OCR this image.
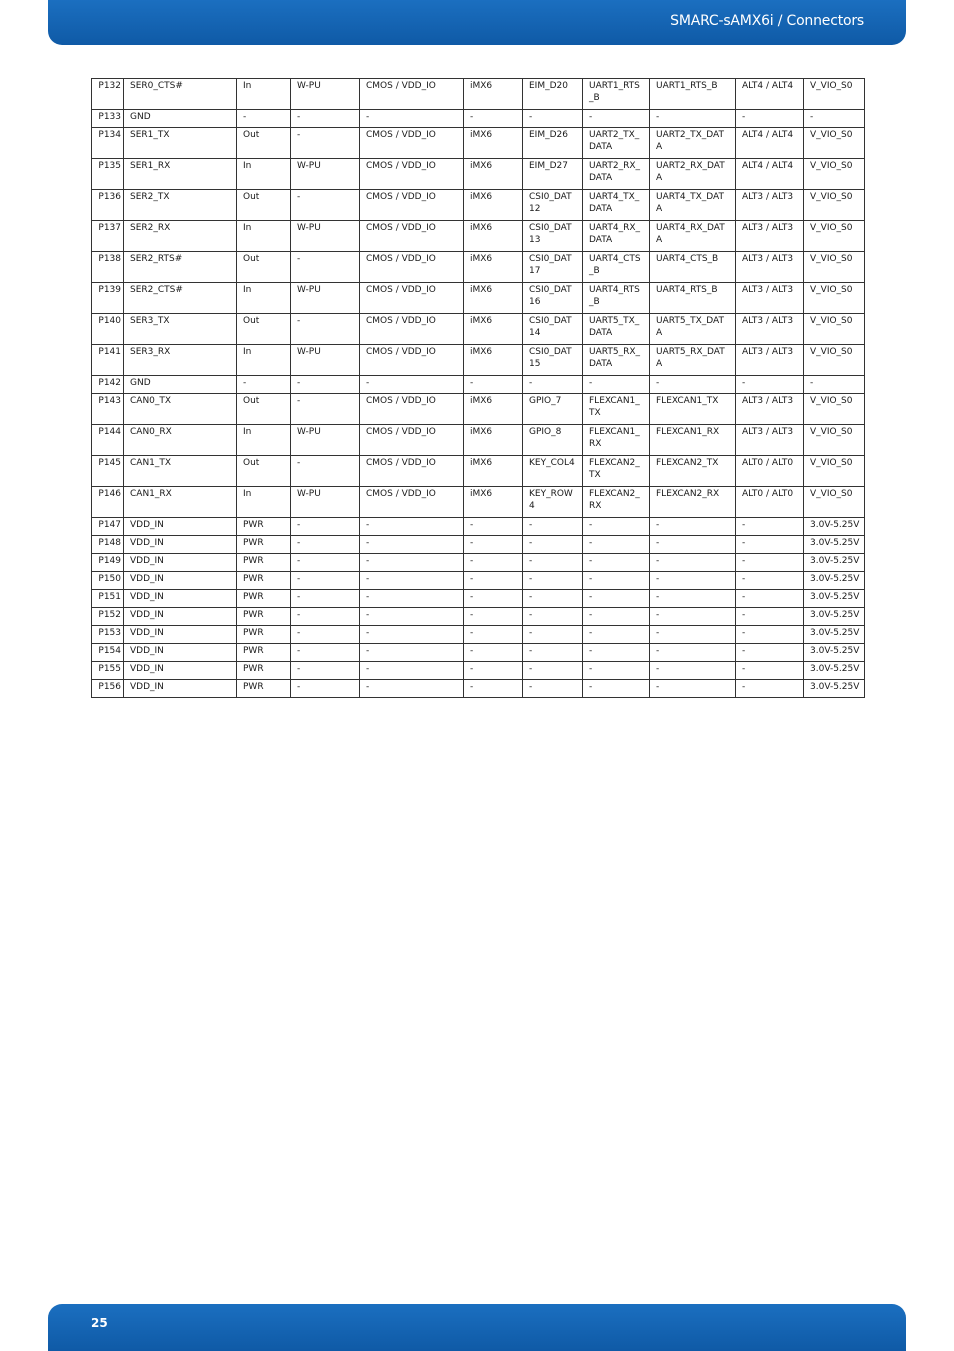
SMARC-sAMX6i / Connectors
P132	SER0_CTS#	In	W-PU	CMOS / VDD_IO	iMX6	EIM_D20	UART1_RTS_B	UART1_RTS_B	ALT4 / ALT4	V_VIO_S0
P133	GND	-	-	-	-	-	-	-	-	-
P134	SER1_TX	Out	-	CMOS / VDD_IO	iMX6	EIM_D26	UART2_TX_DATA	UART2_TX_DATA	ALT4 / ALT4	V_VIO_S0
P135	SER1_RX	In	W-PU	CMOS / VDD_IO	iMX6	EIM_D27	UART2_RX_DATA	UART2_RX_DATA	ALT4 / ALT4	V_VIO_S0
P136	SER2_TX	Out	-	CMOS / VDD_IO	iMX6	CSI0_DAT12	UART4_TX_DATA	UART4_TX_DATA	ALT3 / ALT3	V_VIO_S0
P137	SER2_RX	In	W-PU	CMOS / VDD_IO	iMX6	CSI0_DAT13	UART4_RX_DATA	UART4_RX_DATA	ALT3 / ALT3	V_VIO_S0
P138	SER2_RTS#	Out	-	CMOS / VDD_IO	iMX6	CSI0_DAT17	UART4_CTS_B	UART4_CTS_B	ALT3 / ALT3	V_VIO_S0
P139	SER2_CTS#	In	W-PU	CMOS / VDD_IO	iMX6	CSI0_DAT16	UART4_RTS_B	UART4_RTS_B	ALT3 / ALT3	V_VIO_S0
P140	SER3_TX	Out	-	CMOS / VDD_IO	iMX6	CSI0_DAT14	UART5_TX_DATA	UART5_TX_DATA	ALT3 / ALT3	V_VIO_S0
P141	SER3_RX	In	W-PU	CMOS / VDD_IO	iMX6	CSI0_DAT15	UART5_RX_DATA	UART5_RX_DATA	ALT3 / ALT3	V_VIO_S0
P142	GND	-	-	-	-	-	-	-	-	-
P143	CAN0_TX	Out	-	CMOS / VDD_IO	iMX6	GPIO_7	FLEXCAN1_TX	FLEXCAN1_TX	ALT3 / ALT3	V_VIO_S0
P144	CAN0_RX	In	W-PU	CMOS / VDD_IO	iMX6	GPIO_8	FLEXCAN1_RX	FLEXCAN1_RX	ALT3 / ALT3	V_VIO_S0
P145	CAN1_TX	Out	-	CMOS / VDD_IO	iMX6	KEY_COL4	FLEXCAN2_TX	FLEXCAN2_TX	ALT0 / ALT0	V_VIO_S0
P146	CAN1_RX	In	W-PU	CMOS / VDD_IO	iMX6	KEY_ROW4	FLEXCAN2_RX	FLEXCAN2_RX	ALT0 / ALT0	V_VIO_S0
P147	VDD_IN	PWR	-	-	-	-	-	-	-	3.0V-5.25V
P148	VDD_IN	PWR	-	-	-	-	-	-	-	3.0V-5.25V
P149	VDD_IN	PWR	-	-	-	-	-	-	-	3.0V-5.25V
P150	VDD_IN	PWR	-	-	-	-	-	-	-	3.0V-5.25V
P151	VDD_IN	PWR	-	-	-	-	-	-	-	3.0V-5.25V
P152	VDD_IN	PWR	-	-	-	-	-	-	-	3.0V-5.25V
P153	VDD_IN	PWR	-	-	-	-	-	-	-	3.0V-5.25V
P154	VDD_IN	PWR	-	-	-	-	-	-	-	3.0V-5.25V
P155	VDD_IN	PWR	-	-	-	-	-	-	-	3.0V-5.25V
P156	VDD_IN	PWR	-	-	-	-	-	-	-	3.0V-5.25V
25
